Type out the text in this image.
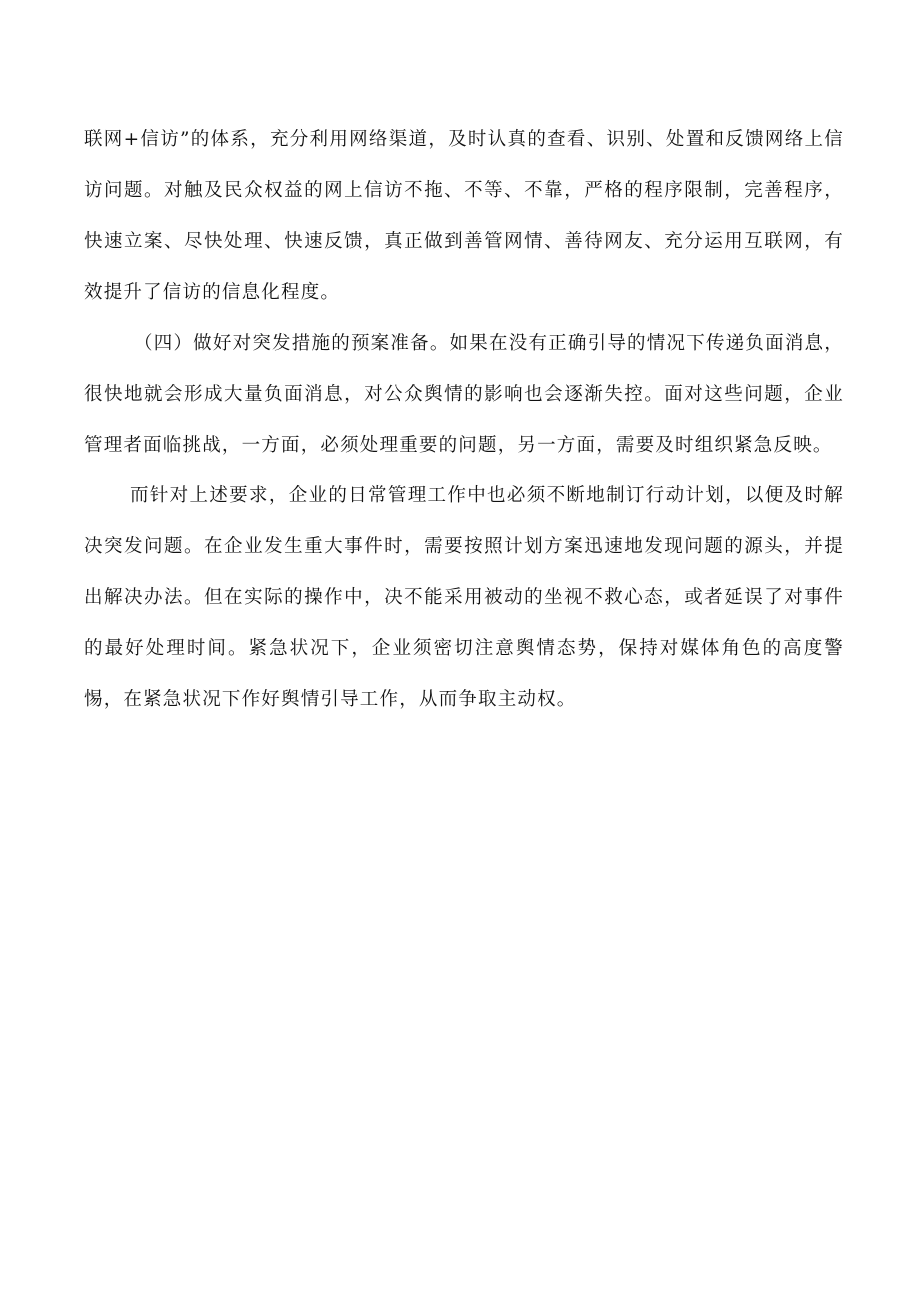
联网+信访”的体系，充分利用网络渠道，及时认真的查看、识别、处置和反馈网络上信访问题。对触及民众权益的网上信访不拖、不等、不靠，严格的程序限制，完善程序，快速立案、尽快处理、快速反馈，真正做到善管网情、善待网友、充分运用互联网，有效提升了信访的信息化程度。

（四）做好对突发措施的预案准备。如果在没有正确引导的情况下传递负面消息，很快地就会形成大量负面消息，对公众舆情的影响也会逐渐失控。面对这些问题，企业管理者面临挑战，一方面，必须处理重要的问题，另一方面，需要及时组织紧急反映。

而针对上述要求，企业的日常管理工作中也必须不断地制订行动计划，以便及时解决突发问题。在企业发生重大事件时，需要按照计划方案迅速地发现问题的源头，并提出解决办法。但在实际的操作中，决不能采用被动的坐视不救心态，或者延误了对事件的最好处理时间。紧急状况下，企业须密切注意舆情态势，保持对媒体角色的高度警惕，在紧急状况下作好舆情引导工作，从而争取主动权。
